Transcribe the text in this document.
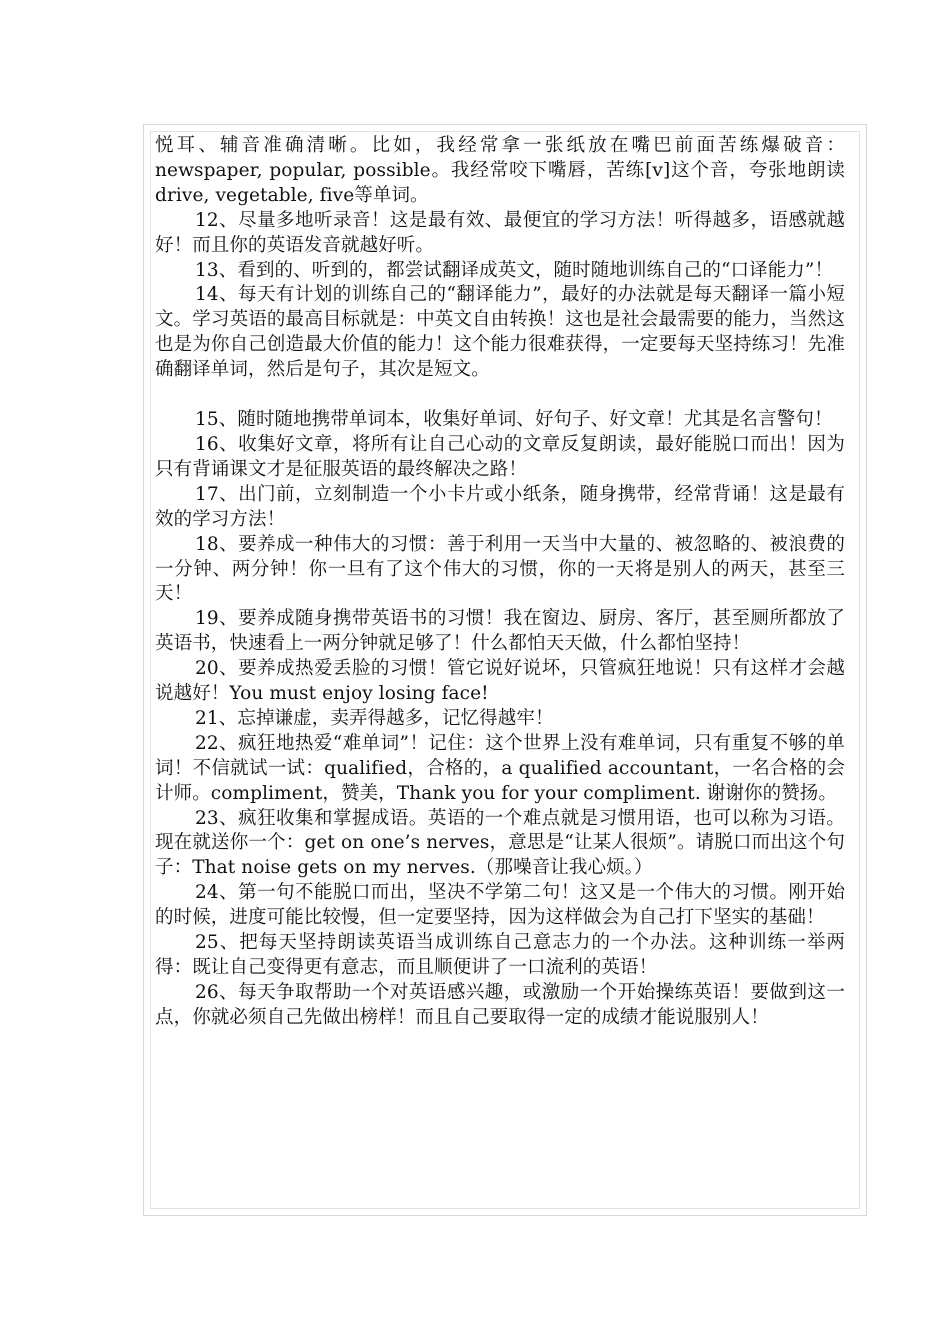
悦耳、辅音准确清晰。比如，我经常拿一张纸放在嘴巴前面苦练爆破音：newspaper, popular, possible。我经常咬下嘴唇，苦练[v]这个音，夸张地朗读drive, vegetable, five等单词。

12、尽量多地听录音！这是最有效、最便宜的学习方法！听得越多，语感就越好！而且你的英语发音就越好听。

13、看到的、听到的，都尝试翻译成英文，随时随地训练自己的“口译能力”！

14、每天有计划的训练自己的“翻译能力”，最好的办法就是每天翻译一篇小短文。学习英语的最高目标就是：中英文自由转换！这也是社会最需要的能力，当然这也是为你自己创造最大价值的能力！这个能力很难获得，一定要每天坚持练习！先准确翻译单词，然后是句子，其次是短文。

15、随时随地携带单词本，收集好单词、好句子、好文章！尤其是名言警句！

16、收集好文章，将所有让自己心动的文章反复朗读，最好能脱口而出！因为只有背诵课文才是征服英语的最终解决之路！

17、出门前，立刻制造一个小卡片或小纸条，随身携带，经常背诵！这是最有效的学习方法！

18、要养成一种伟大的习惯：善于利用一天当中大量的、被忽略的、被浪费的一分钟、两分钟！你一旦有了这个伟大的习惯，你的一天将是别人的两天，甚至三天！

19、要养成随身携带英语书的习惯！我在窗边、厨房、客厅，甚至厕所都放了英语书，快速看上一两分钟就足够了！什么都怕天天做，什么都怕坚持！

20、要养成热爱丢脸的习惯！管它说好说坏，只管疯狂地说！只有这样才会越说越好！You must enjoy losing face!

21、忘掉谦虚，卖弄得越多，记忆得越牢！

22、疯狂地热爱“难单词”！记住：这个世界上没有难单词，只有重复不够的单词！不信就试一试：qualified，合格的，a qualified accountant，一名合格的会计师。compliment，赞美，Thank you for your compliment. 谢谢你的赞扬。

23、疯狂收集和掌握成语。英语的一个难点就是习惯用语，也可以称为习语。现在就送你一个：get on one’s nerves，意思是“让某人很烦”。请脱口而出这个句子：That noise gets on my nerves.（那噪音让我心烦。）

24、第一句不能脱口而出，坚决不学第二句！这又是一个伟大的习惯。刚开始的时候，进度可能比较慢，但一定要坚持，因为这样做会为自己打下坚实的基础！

25、把每天坚持朗读英语当成训练自己意志力的一个办法。这种训练一举两得：既让自己变得更有意志，而且顺便讲了一口流利的英语！

26、每天争取帮助一个对英语感兴趣，或激励一个开始操练英语！要做到这一点，你就必须自己先做出榜样！而且自己要取得一定的成绩才能说服别人！
